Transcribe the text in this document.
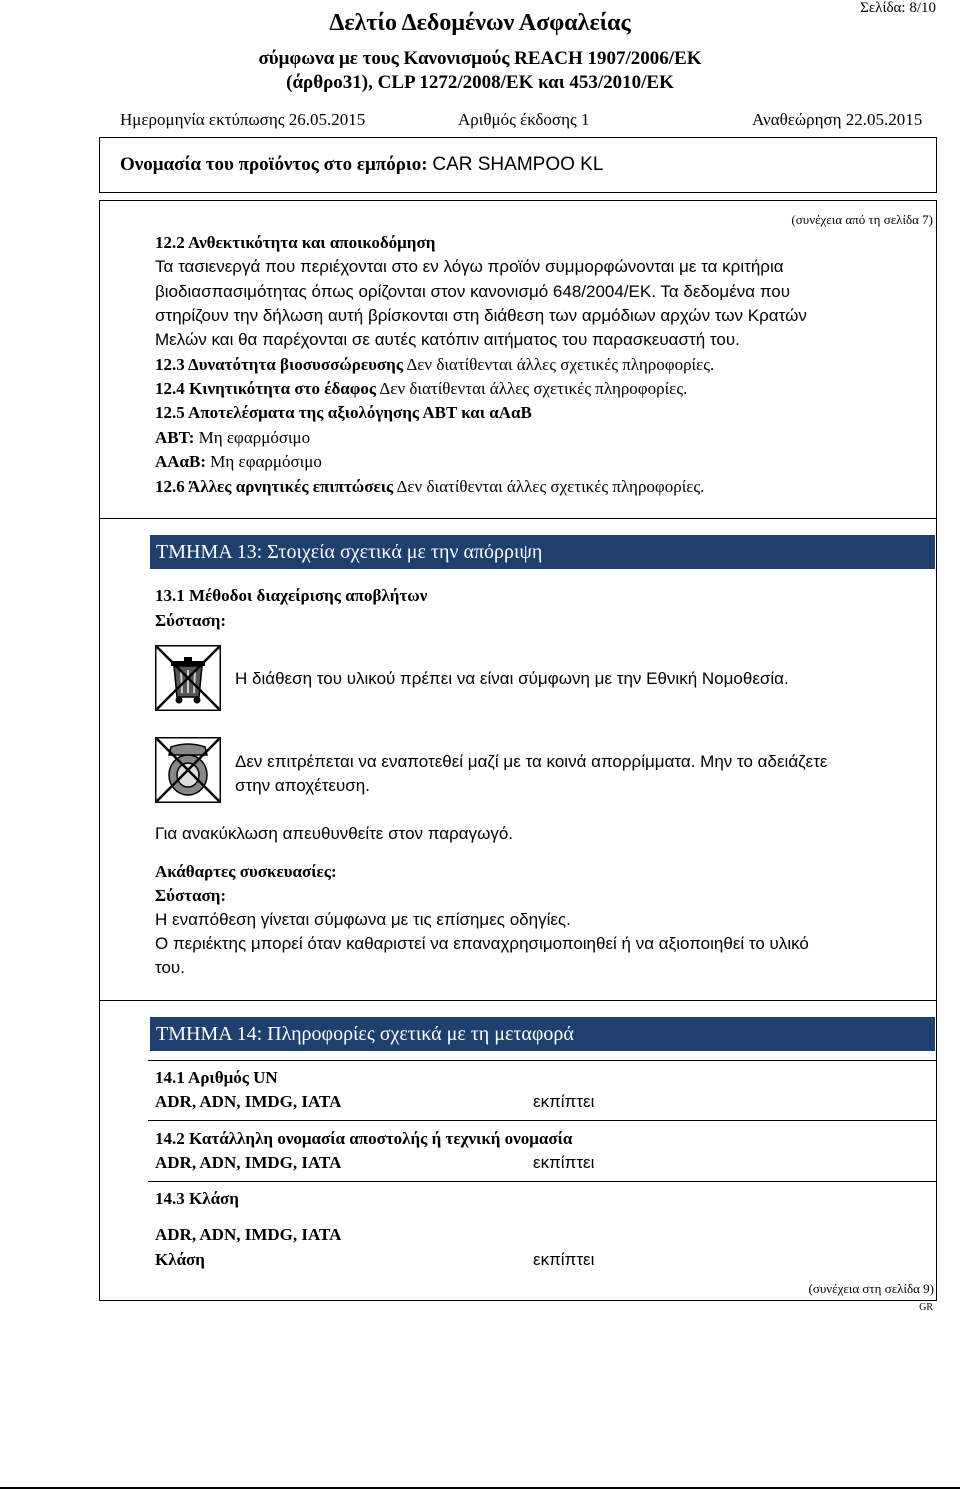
Σελίδα: 8/10
Δελτίο Δεδομένων Ασφαλείας
σύμφωνα με τους Κανονισμούς REACH 1907/2006/ΕΚ
(άρθρο31), CLP 1272/2008/ΕΚ και 453/2010/ΕΚ
Ημερομηνία εκτύπωσης 26.05.2015	Αριθμός έκδοσης 1	Αναθεώρηση 22.05.2015
Ονομασία του προϊόντος στο εμπόριο: CAR SHAMPOO KL
(συνέχεια από τη σελίδα 7)
12.2 Ανθεκτικότητα και αποικοδόμηση
Τα τασιενεργά που περιέχονται στο εν λόγω προϊόν συμμορφώνονται με τα κριτήρια
βιοδιασπασιμότητας όπως ορίζονται στον κανονισμό 648/2004/ΕΚ. Τα δεδομένα που
στηρίζουν την δήλωση αυτή βρίσκονται στη διάθεση των αρμόδιων αρχών των Κρατών
Μελών και θα παρέχονται σε αυτές κατόπιν αιτήματος του παρασκευαστή του.
12.3 Δυνατότητα βιοσυσσώρευσης Δεν διατίθενται άλλες σχετικές πληροφορίες.
12.4 Κινητικότητα στο έδαφος Δεν διατίθενται άλλες σχετικές πληροφορίες.
12.5 Αποτελέσματα της αξιολόγησης ΑΒΤ και αΑαΒ
ΑΒΤ: Μη εφαρμόσιμο
ΑΑαΒ: Μη εφαρμόσιμο
12.6 Άλλες αρνητικές επιπτώσεις Δεν διατίθενται άλλες σχετικές πληροφορίες.
ΤΜΗΜΑ 13: Στοιχεία σχετικά με την απόρριψη
13.1 Μέθοδοι διαχείρισης αποβλήτων
Σύσταση:
Η διάθεση του υλικού πρέπει να είναι σύμφωνη με την Εθνική Νομοθεσία.
Δεν επιτρέπεται να εναποτεθεί μαζί με τα κοινά απορρίμματα. Μην το αδειάζετε
στην αποχέτευση.
Για ανακύκλωση απευθυνθείτε στον παραγωγό.
Ακάθαρτες συσκευασίες:
Σύσταση:
Η εναπόθεση γίνεται σύμφωνα με τις επίσημες οδηγίες.
Ο περιέκτης μπορεί όταν καθαριστεί να επαναχρησιμοποιηθεί ή να αξιοποιηθεί το υλικό
του.
ΤΜΗΜΑ 14: Πληροφορίες σχετικά με τη μεταφορά
14.1 Αριθμός UN
ADR, ADN, IMDG, IATA	εκπίπτει
14.2 Κατάλληλη ονομασία αποστολής ή τεχνική ονομασία
ADR, ADN, IMDG, IATA	εκπίπτει
14.3 Κλάση
ADR, ADN, IMDG, IATA
Κλάση	εκπίπτει
(συνέχεια στη σελίδα 9)
GR
